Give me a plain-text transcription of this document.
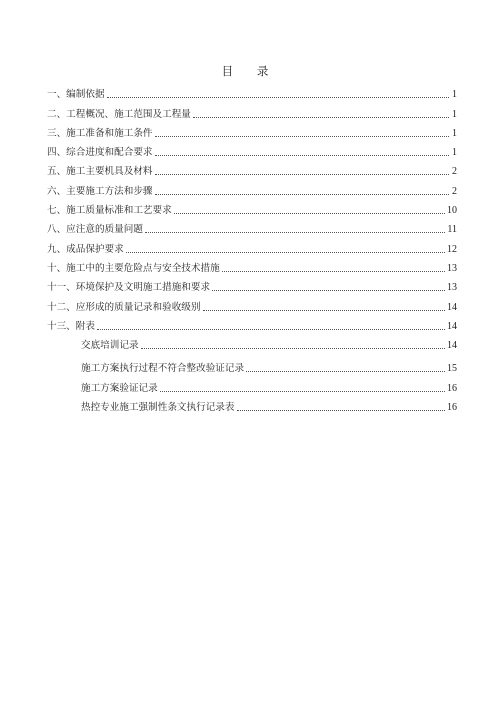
目 录
一、编制依据	1
二、工程概况、施工范围及工程量	1
三、施工准备和施工条件	1
四、综合进度和配合要求	1
五、施工主要机具及材料	2
六、主要施工方法和步骤	2
七、施工质量标准和工艺要求	10
八、应注意的质量问题	11
九、成品保护要求	12
十、施工中的主要危险点与安全技术措施	13
十一、环境保护及文明施工措施和要求	13
十二、应形成的质量记录和验收级别	14
十三、附表	14
交底培训记录	14
施工方案执行过程不符合整改验证记录	15
施工方案验证记录	16
热控专业施工强制性条文执行记录表	16
